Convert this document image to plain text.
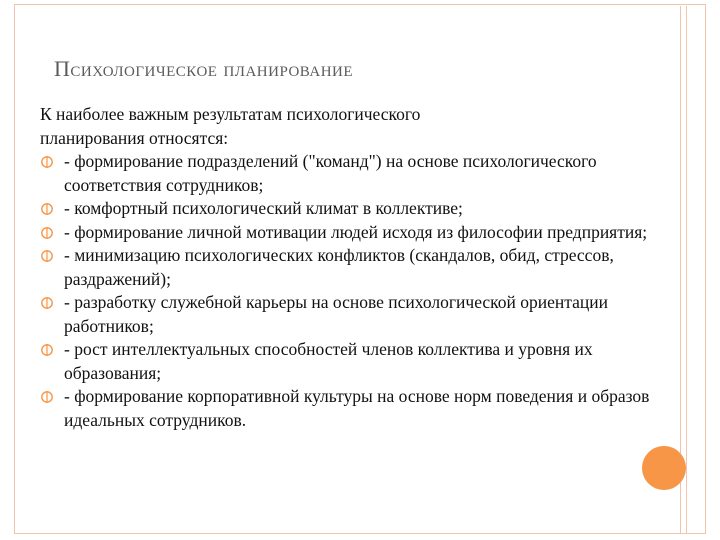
ПСИХОЛОГИЧЕСКОЕ ПЛАНИРОВАНИЕ

К наиболее важным результатам психологического
планирования относятся:

- формирование подразделений ("команд") на основе психологического соответствия сотрудников;
- комфортный психологический климат в коллективе;
- формирование личной мотивации людей исходя из философии предприятия;
- минимизацию психологических конфликтов (скандалов, обид, стрессов, раздражений);
- разработку служебной карьеры на основе психологической ориентации работников;
- рост интеллектуальных способностей членов коллектива и уровня их образования;
- формирование корпоративной культуры на основе норм поведения и образов идеальных сотрудников.
